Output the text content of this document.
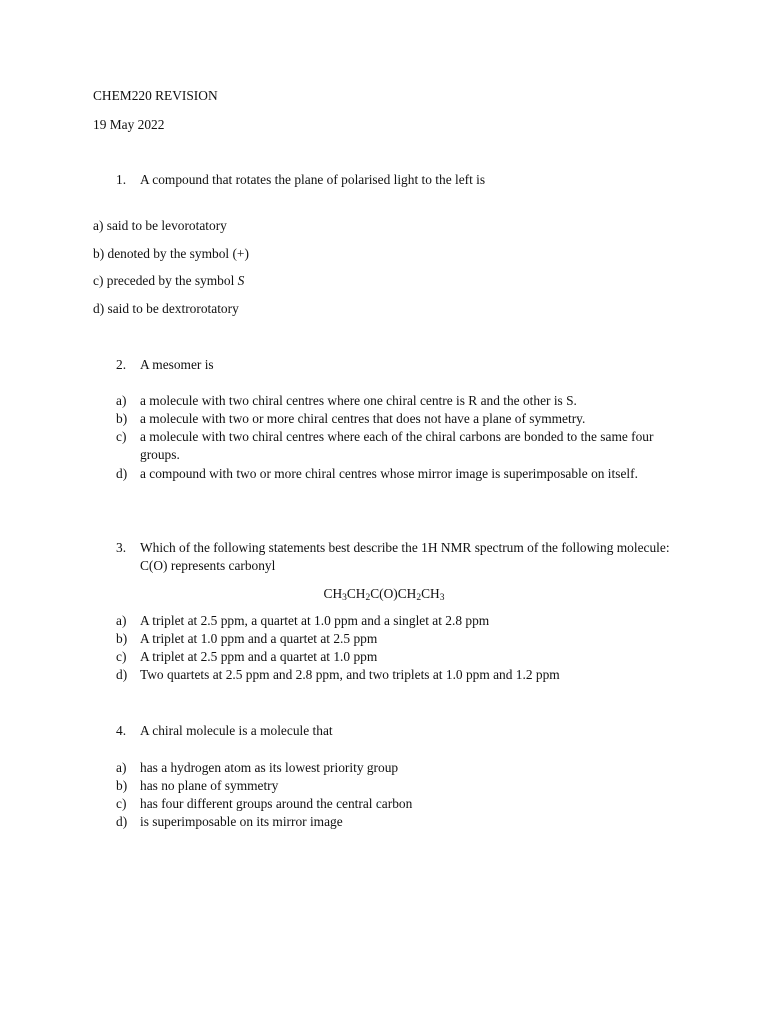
CHEM220 REVISION
19 May 2022
1. A compound that rotates the plane of polarised light to the left is
a) said to be levorotatory
b) denoted by the symbol (+)
c) preceded by the symbol S
d) said to be dextrorotatory
2. A mesomer is
a) a molecule with two chiral centres where one chiral centre is R and the other is S.
b) a molecule with two or more chiral centres that does not have a plane of symmetry.
c) a molecule with two chiral centres where each of the chiral carbons are bonded to the same four groups.
d) a compound with two or more chiral centres whose mirror image is superimposable on itself.
3. Which of the following statements best describe the 1H NMR spectrum of the following molecule: C(O) represents carbonyl
$CH_3CH_2C(O)CH_2CH_3$
a) A triplet at 2.5 ppm, a quartet at 1.0 ppm and a singlet at 2.8 ppm
b) A triplet at 1.0 ppm and a quartet at 2.5 ppm
c) A triplet at 2.5 ppm and a quartet at 1.0 ppm
d) Two quartets at 2.5 ppm and 2.8 ppm, and two triplets at 1.0 ppm and 1.2 ppm
4. A chiral molecule is a molecule that
a) has a hydrogen atom as its lowest priority group
b) has no plane of symmetry
c) has four different groups around the central carbon
d) is superimposable on its mirror image
